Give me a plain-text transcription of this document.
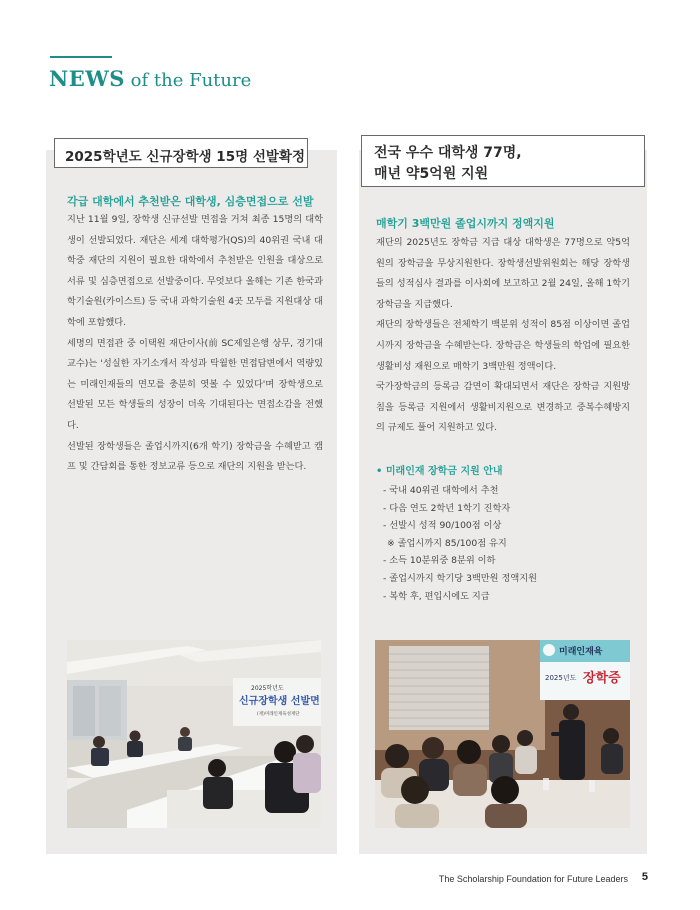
NEWS of the Future
2025학년도 신규장학생 15명 선발확정
각급 대학에서 추천받은 대학생, 심층면접으로 선발

지난 11월 9일, 장학생 신규선발 면접을 거쳐 최종 15명의 대학생이 선발되었다. 재단은 세계 대학평가(QS)의 40위권 국내 대학중 재단의 지원이 필요한 대학에서 추천받은 인원을 대상으로 서류 및 심층면접으로 선발중이다. 무엇보다 올해는 기존 한국과학기술원(카이스트) 등 국내 과학기술원 4곳 모두를 지원대상 대학에 포함했다.

세명의 면접관 중 이택원 재단이사(前 SC제일은행 상무, 경기대 교수)는 '성실한 자기소개서 작성과 탁월한 면접답변에서 역량있는 미래인재들의 면모를 충분히 엿볼 수 있었다'며 장학생으로 선발된 모든 학생들의 성장이 더욱 기대된다는 면접소감을 전했다.

선발된 장학생들은 졸업시까지(6개 학기) 장학금을 수혜받고 캠프 및 간담회를 통한 정보교류 등으로 재단의 지원을 받는다.

2025학년도
신규장학생 선발면
(재)미래인재육성재단
전국 우수 대학생 77명,
매년 약5억원 지원
매학기 3백만원 졸업시까지 정액지원

재단의 2025년도 장학금 지급 대상 대학생은 77명으로 약5억원의 장학금을 무상지원한다. 장학생선발위원회는 해당 장학생들의 성적심사 결과를 이사회에 보고하고 2월 24일, 올해 1학기 장학금을 지급했다.

재단의 장학생들은 전체학기 백분위 성적이 85점 이상이면 졸업시까지 장학금을 수혜받는다. 장학금은 학생들의 학업에 필요한 생활비성 재원으로 매학기 3백만원 정액이다.

국가장학금의 등록금 감면이 확대되면서 재단은 장학금 지원방침을 등록금 지원에서 생활비지원으로 변경하고 중복수혜방지의 규제도 풀어 지원하고 있다.

• 미래인재 장학금 지원 안내
- 국내 40위권 대학에서 추천
- 다음 연도 2학년 1학기 진학자
- 선발시 성적 90/100점 이상
※ 졸업시까지 85/100점 유지
- 소득 10분위중 8분위 이하
- 졸업시까지 학기당 3백만원 정액지원
- 복학 후, 편입시에도 지급
미래인재육
2025년도 장학증
The Scholarship Foundation for Future Leaders 5
